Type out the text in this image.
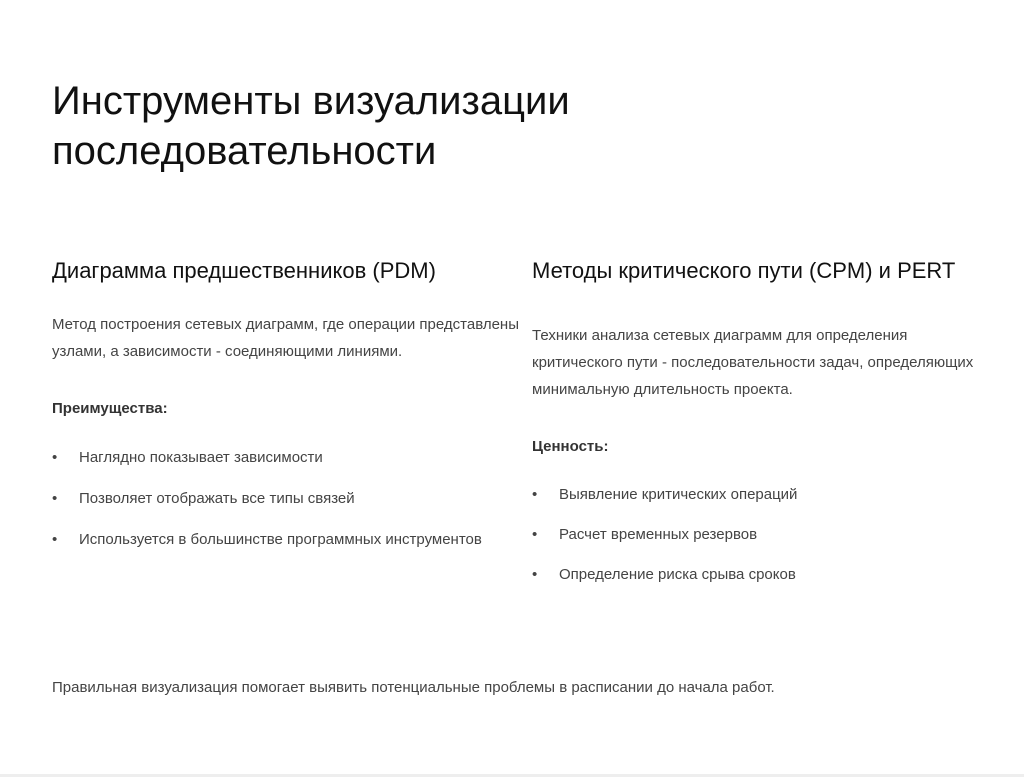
Инструменты визуализации последовательности
Диаграмма предшественников (PDM)

Метод построения сетевых диаграмм, где операции представлены узлами, а зависимости - соединяющими линиями.

Преимущества:

• Наглядно показывает зависимости
• Позволяет отображать все типы связей
• Используется в большинстве программных инструментов
Методы критического пути (CPM) и PERT

Техники анализа сетевых диаграмм для определения критического пути - последовательности задач, определяющих минимальную длительность проекта.

Ценность:

• Выявление критических операций
• Расчет временных резервов
• Определение риска срыва сроков

Правильная визуализация помогает выявить потенциальные проблемы в расписании до начала работ.
